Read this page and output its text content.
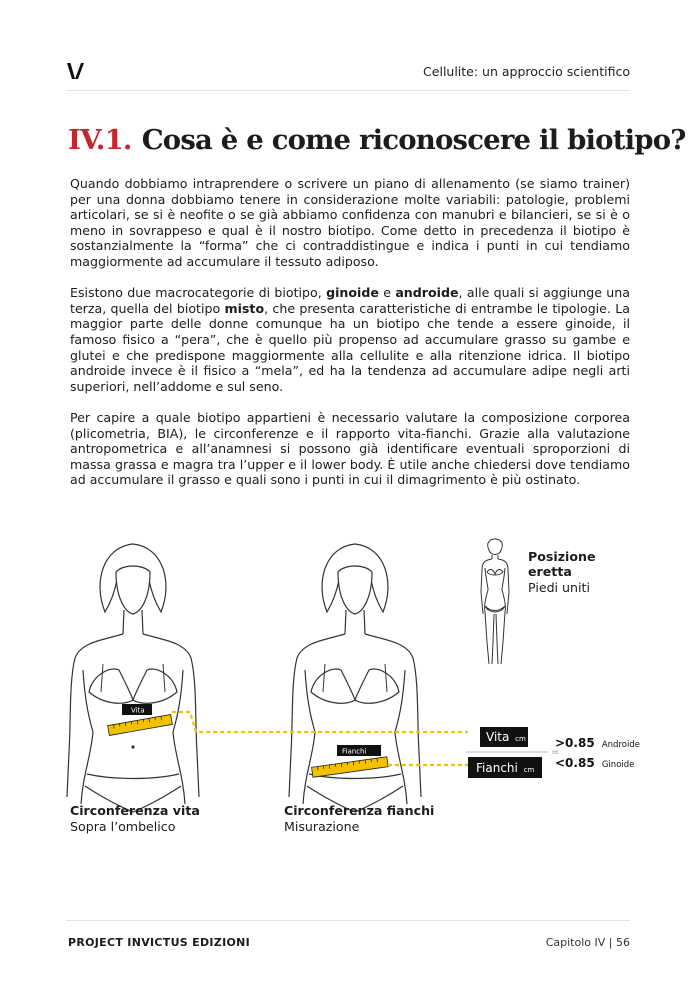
Cellulite: un approccio scientifico
IV.1. Cosa è e come riconoscere il biotipo?

Quando dobbiamo intraprendere o scrivere un piano di allenamento (se siamo trainer) per una donna dobbiamo tenere in considerazione molte variabili: patologie, problemi articolari, se si è neofite o se già abbiamo confidenza con manubri e bilancieri, se si è o meno in sovrappeso e qual è il nostro biotipo. Come detto in precedenza il biotipo è sostanzialmente la “forma” che ci contraddistingue e indica i punti in cui tendiamo maggiormente ad accumulare il tessuto adiposo.

Esistono due macrocategorie di biotipo, ginoide e androide, alle quali si aggiunge una terza, quella del biotipo misto, che presenta caratteristiche di entrambe le tipologie. La maggior parte delle donne comunque ha un biotipo che tende a essere ginoide, il famoso fisico a “pera”, che è quello più propenso ad accumulare grasso su gambe e glutei e che predispone maggiormente alla cellulite e alla ritenzione idrica. Il biotipo androide invece è il fisico a “mela”, ed ha la tendenza ad accumulare adipe negli arti superiori, nell’addome e sul seno.

Per capire a quale biotipo appartieni è necessario valutare la composizione corporea (plicometria, BIA), le circonferenze e il rapporto vita-fianchi. Grazie alla valutazione antropometrica e all’anamnesi si possono già identificare eventuali sproporzioni di massa grassa e magra tra l’upper e il lower body. È utile anche chiedersi dove tendiamo ad accumulare il grasso e quali sono i punti in cui il dimagrimento è più ostinato.

Vita
Fianchi
Vita cm
Fianchi cm
=
>0.85 Androide
<0.85 Ginoide
Posizione
eretta
Piedi uniti
Circonferenza vita
Sopra l’ombelico
Circonferenza fianchi
Misurazione
PROJECT INVICTUS EDIZIONI	Capitolo IV | 56
